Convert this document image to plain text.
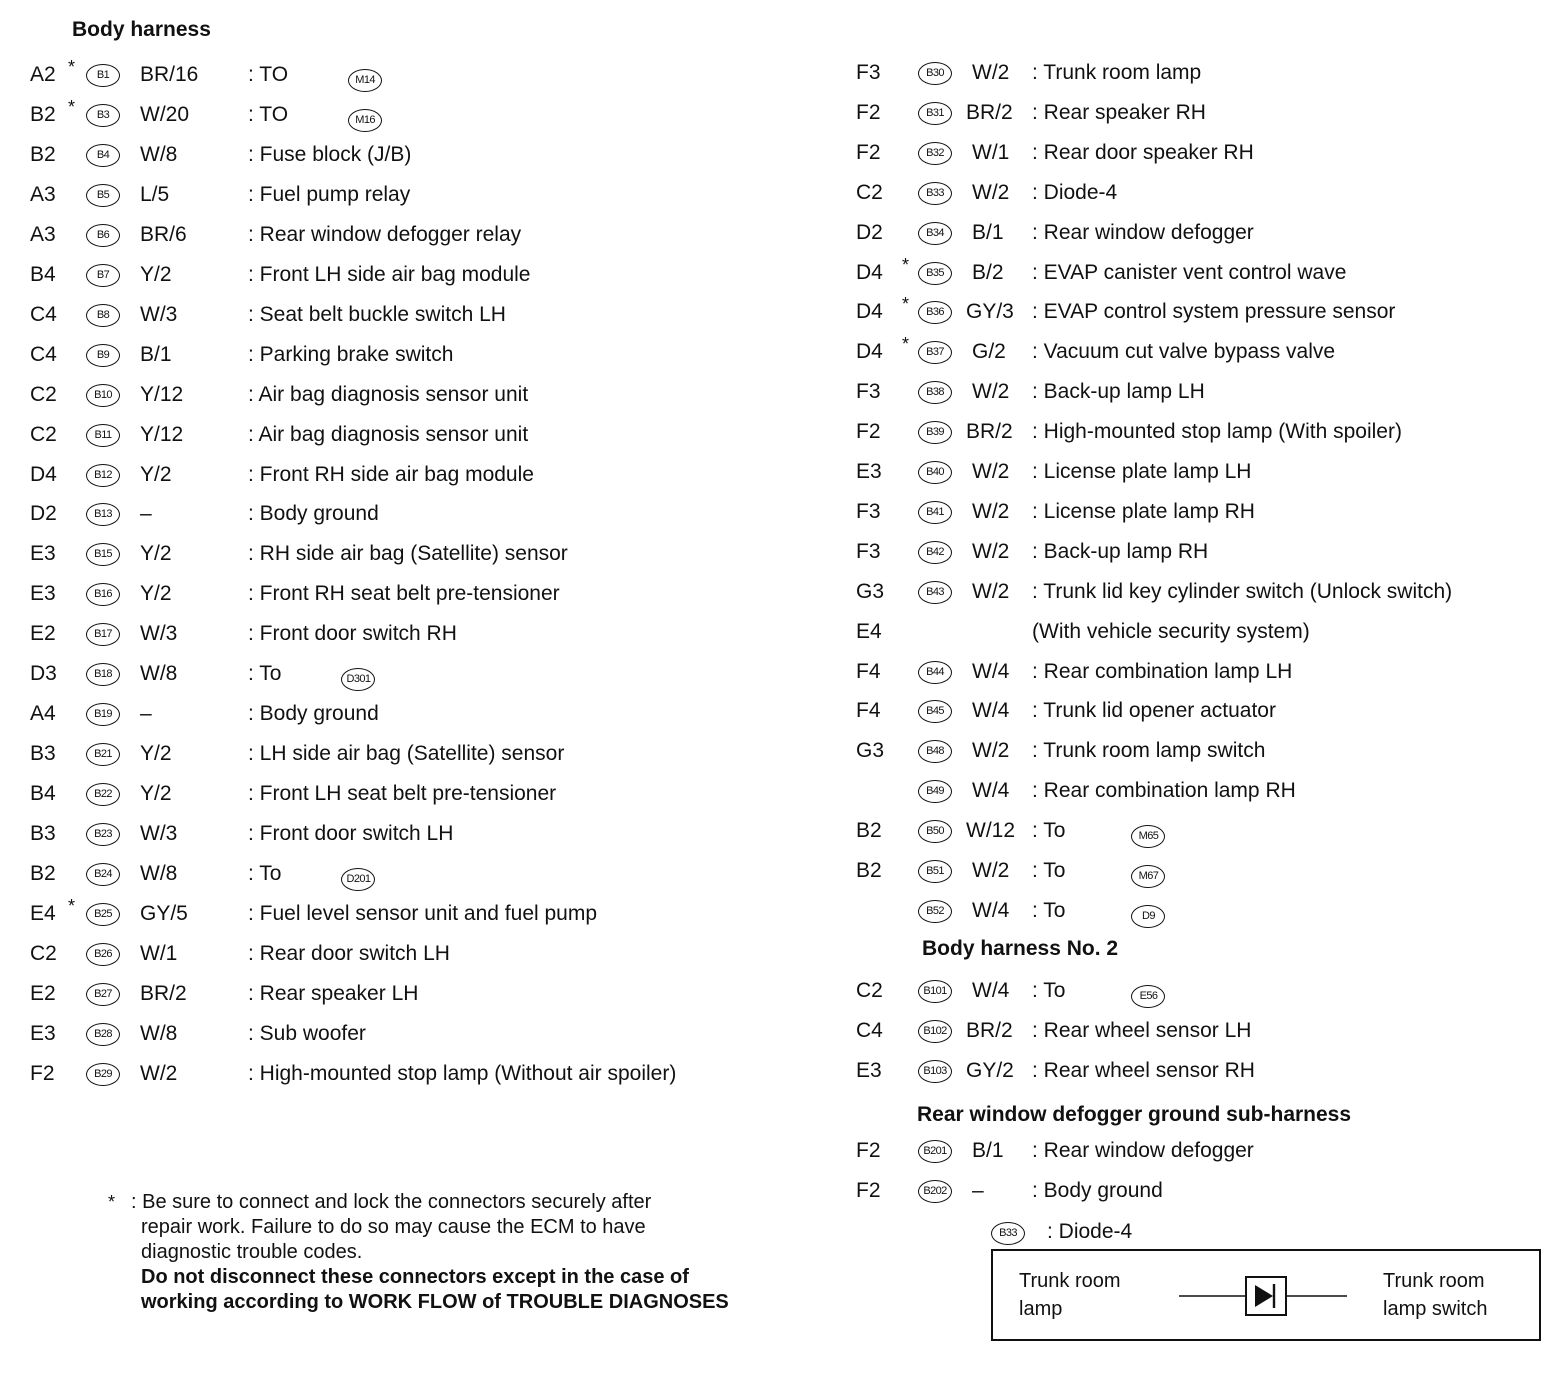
Body harness
A2 *	B1	BR/16 : TO	M14
B2 *	B3	W/20	: TO	M16
B2	B4	W/8	: Fuse block (J/B)
A3	B5	L/5	: Fuel pump relay
A3	B6	BR/6	: Rear window defogger relay
B4	B7	Y/2	: Front LH side air bag module
C4	B8	W/3	: Seat belt buckle switch LH
C4	B9	B/1	: Parking brake switch
C2	B10	Y/12	: Air bag diagnosis sensor unit
C2	B11	Y/12	: Air bag diagnosis sensor unit
D4	B12	Y/2	: Front RH side air bag module
D2	B13	–	: Body ground
E3	B15	Y/2	: RH side air bag (Satellite) sensor
E3	B16	Y/2	: Front RH seat belt pre-tensioner
E2	B17	W/3	: Front door switch RH
D3	B18	W/8	: To	D301
A4	B19	–	: Body ground
B3	B21	Y/2	: LH side air bag (Satellite) sensor
B4	B22	Y/2	: Front LH seat belt pre-tensioner
B3	B23	W/3	: Front door switch LH
B2	B24	W/8	: To	D201
E4 *	B25	GY/5	: Fuel level sensor unit and fuel pump
C2	B26	W/1	: Rear door switch LH
E2	B27	BR/2	: Rear speaker LH
E3	B28	W/8	: Sub woofer
F2	B29	W/2	: High-mounted stop lamp (Without air spoiler)
F3	B30	W/2 : Trunk room lamp
F2	B31	BR/2 : Rear speaker RH
F2	B32	W/1 : Rear door speaker RH
C2	B33	W/2 : Diode-4
D2	B34	B/1 : Rear window defogger
D4 *	B35	B/2 : EVAP canister vent control wave
D4 *	B36	GY/3 : EVAP control system pressure sensor
D4 *	B37	G/2 : Vacuum cut valve bypass valve
F3	B38	W/2 : Back-up lamp LH
F2	B39	BR/2 : High-mounted stop lamp (With spoiler)
E3	B40	W/2 : License plate lamp LH
F3	B41	W/2 : License plate lamp RH
F3	B42	W/2 : Back-up lamp RH
G3	B43	W/2 : Trunk lid key cylinder switch (Unlock switch)
E4	(With vehicle security system)
F4	B44	W/4 : Rear combination lamp LH
F4	B45	W/4 : Trunk lid opener actuator
G3	B48	W/2 : Trunk room lamp switch
B49	W/4 : Rear combination lamp RH
B2	B50	W/12 : To	M65
B2	B51	W/2 : To	M67
B52	W/4 : To	D9
Body harness No. 2
C2	B101 W/4 : To	E56
C4	B102 BR/2 : Rear wheel sensor LH
E3	B103 GY/2 : Rear wheel sensor RH
Rear window defogger ground sub-harness
F2	B201 B/1 : Rear window defogger
F2	B202 – : Body ground
* : Be sure to connect and lock the connectors securely after
repair work. Failure to do so may cause the ECM to have
diagnostic trouble codes.
Do not disconnect these connectors except in the case of
working according to WORK FLOW of TROUBLE DIAGNOSES
B33	: Diode-4
Trunk room
lamp
Trunk room
lamp switch
